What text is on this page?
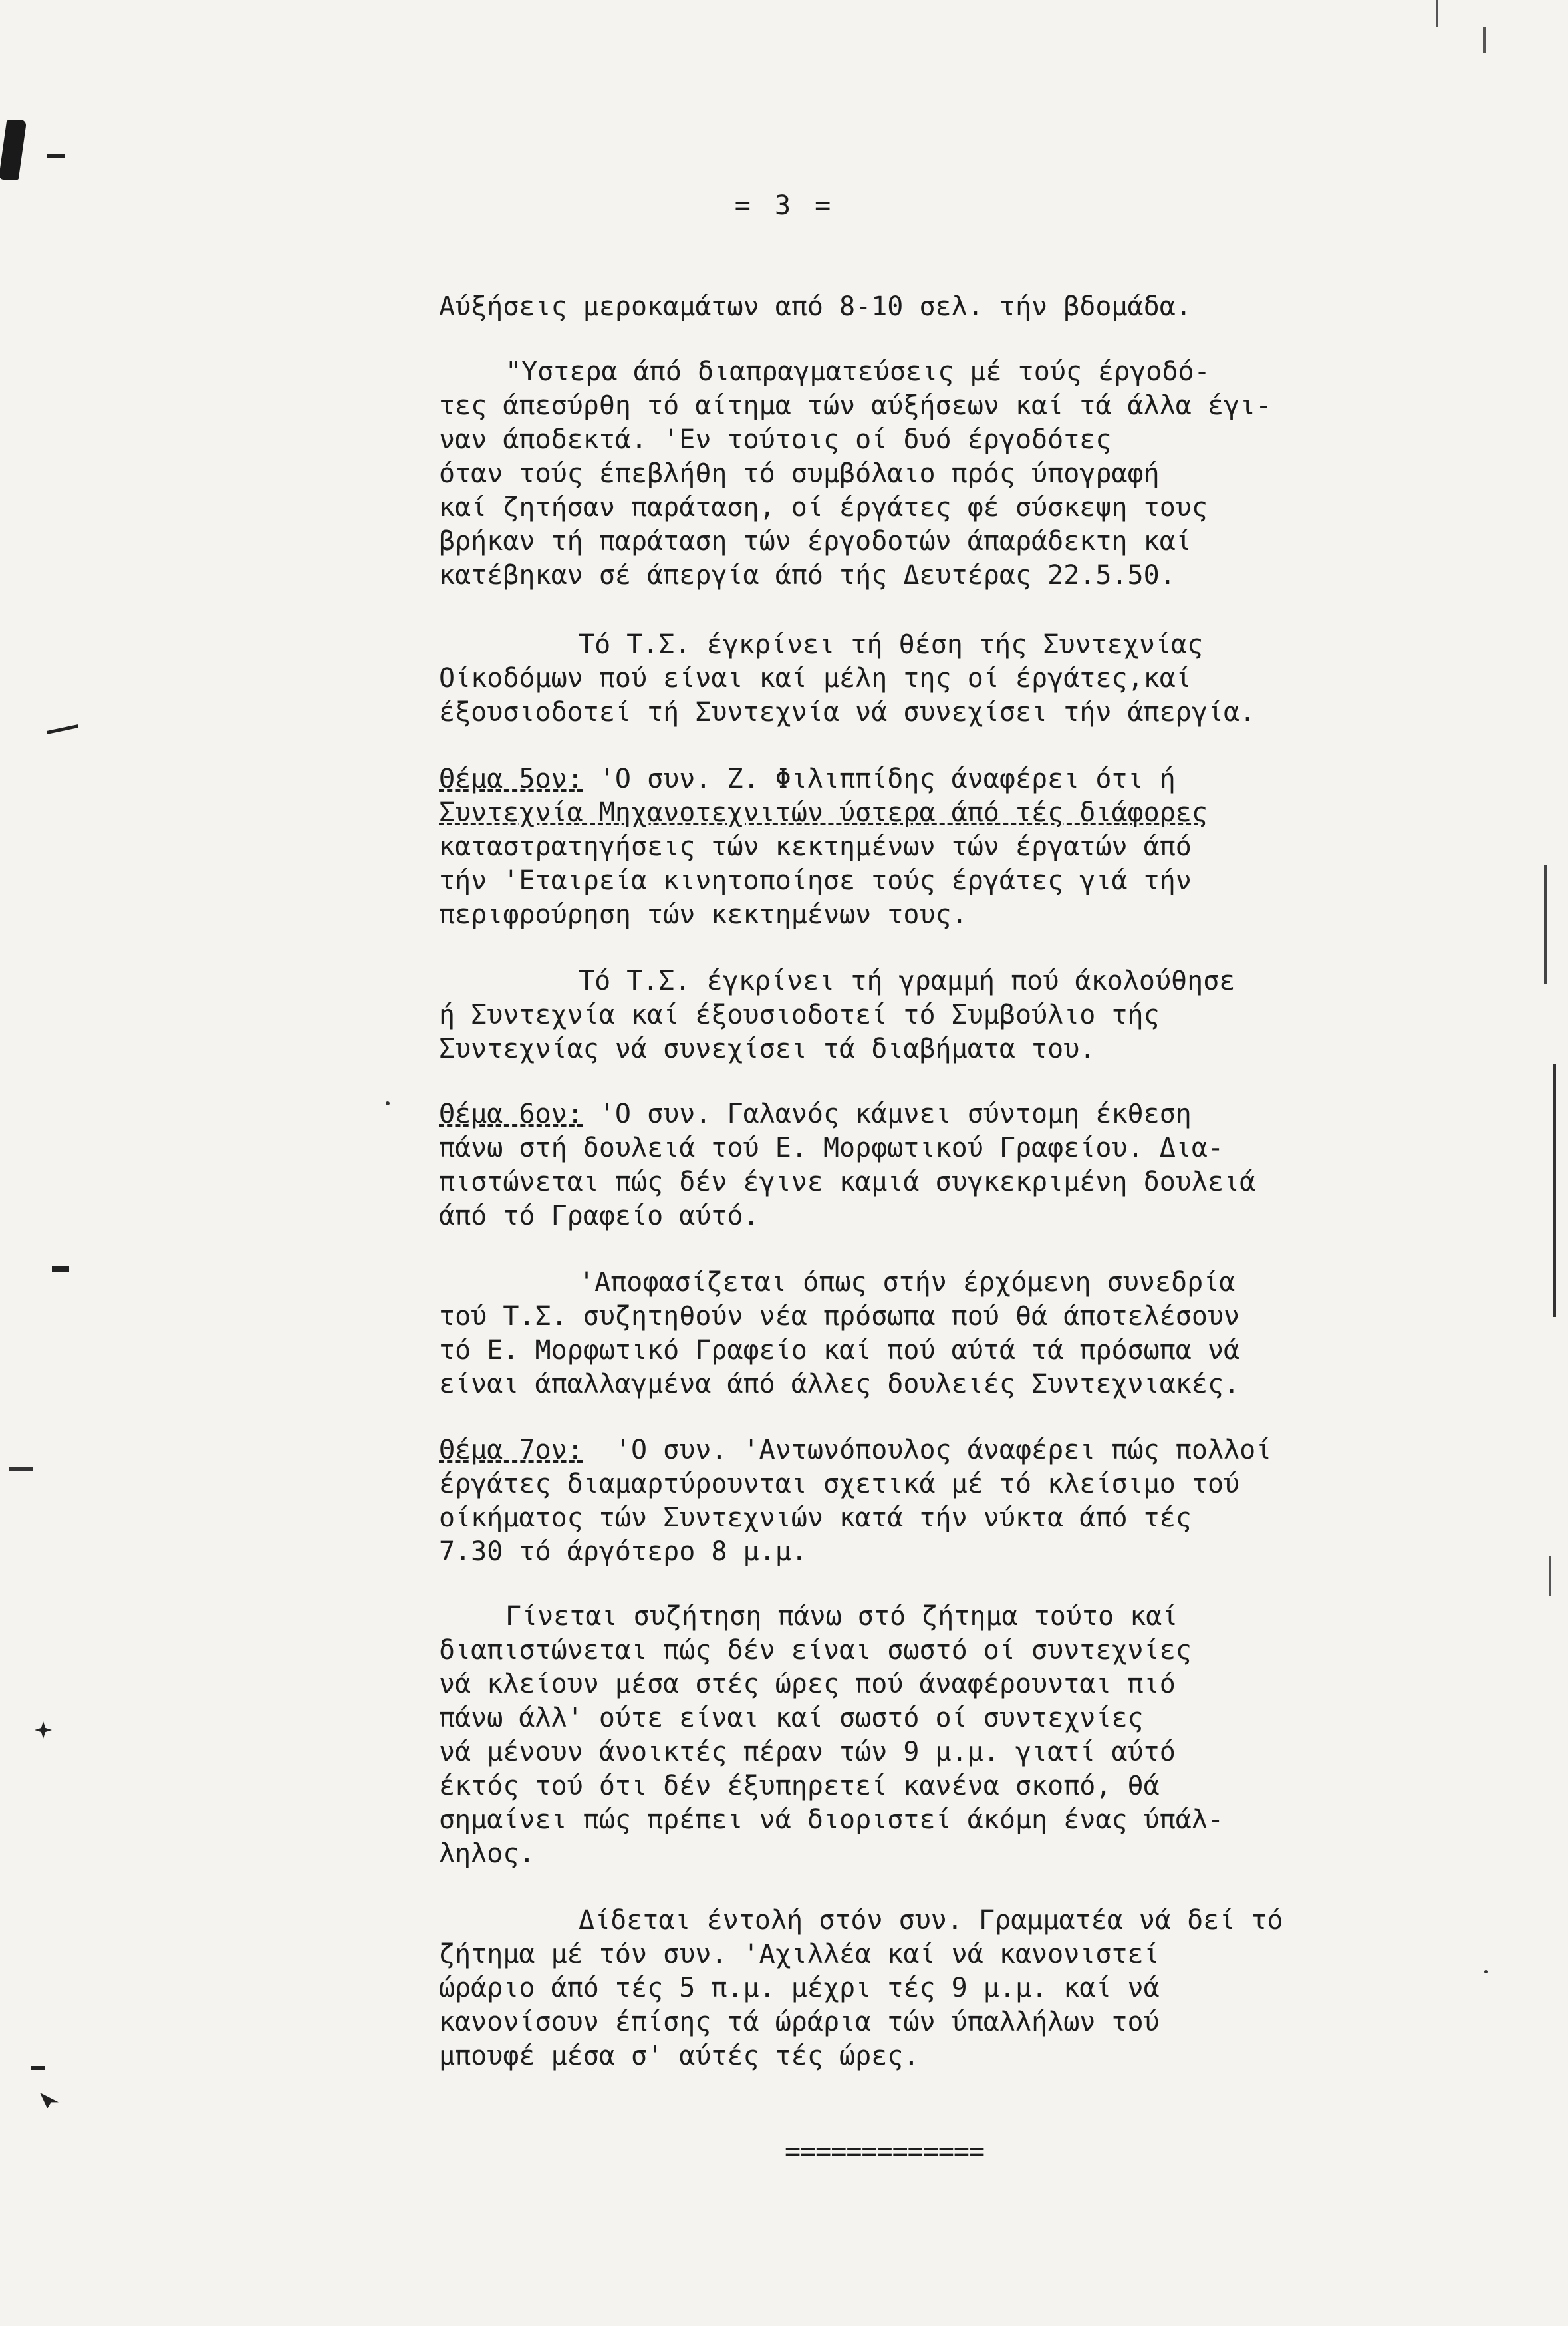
= 3 =
Αύξήσεις μεροκαμάτων από 8-10 σελ. τήν βδομάδα.
"Υστερα άπό διαπραγματεύσεις μέ τούς έργοδό-
τες άπεσύρθη τό αίτημα τών αύξήσεων καί τά άλλα έγι-
ναν άποδεκτά. 'Εν τούτοις οί δυό έργοδότες
όταν τούς έπεβλήθη τό συμβόλαιο πρός ύπογραφή
καί ζητήσαν παράταση, οί έργάτες φέ σύσκεψη τους
βρήκαν τή παράταση τών έργοδοτών άπαράδεκτη καί
κατέβηκαν σέ άπεργία άπό τής Δευτέρας 22.5.50.
Τό Τ.Σ. έγκρίνει τή θέση τής Συντεχνίας
Οίκοδόμων πού είναι καί μέλη της οί έργάτες,καί
έξουσιοδοτεί τή Συντεχνία νά συνεχίσει τήν άπεργία.
Θέμα 5ον: 'Ο συν. Ζ. Φιλιππίδης άναφέρει ότι ή
Συντεχνία Μηχανοτεχνιτών ύστερα άπό τές διάφορες
καταστρατηγήσεις τών κεκτημένων τών έργατών άπό
τήν 'Εταιρεία κινητοποίησε τούς έργάτες γιά τήν
περιφρούρηση τών κεκτημένων τους.
Τό Τ.Σ. έγκρίνει τή γραμμή πού άκολούθησε
ή Συντεχνία καί έξουσιοδοτεί τό Συμβούλιο τής
Συντεχνίας νά συνεχίσει τά διαβήματα του.
Θέμα 6ον: 'Ο συν. Γαλανός κάμνει σύντομη έκθεση
πάνω στή δουλειά τού Ε. Μορφωτικού Γραφείου. Δια-
πιστώνεται πώς δέν έγινε καμιά συγκεκριμένη δουλειά
άπό τό Γραφείο αύτό.
'Αποφασίζεται όπως στήν έρχόμενη συνεδρία
τού Τ.Σ. συζητηθούν νέα πρόσωπα πού θά άποτελέσουν
τό Ε. Μορφωτικό Γραφείο καί πού αύτά τά πρόσωπα νά
είναι άπαλλαγμένα άπό άλλες δουλειές Συντεχνιακές.
Θέμα 7ον:  'Ο συν. 'Αντωνόπουλος άναφέρει πώς πολλοί
έργάτες διαμαρτύρουνται σχετικά μέ τό κλείσιμο τού
οίκήματος τών Συντεχνιών κατά τήν νύκτα άπό τές
7.30 τό άργότερο 8 μ.μ.
Γίνεται συζήτηση πάνω στό ζήτημα τούτο καί
διαπιστώνεται πώς δέν είναι σωστό οί συντεχνίες
νά κλείουν μέσα στές ώρες πού άναφέρουνται πιό
πάνω άλλ' ούτε είναι καί σωστό οί συντεχνίες
νά μένουν άνοικτές πέραν τών 9 μ.μ. γιατί αύτό
έκτός τού ότι δέν έξυπηρετεί κανένα σκοπό, θά
σημαίνει πώς πρέπει νά διοριστεί άκόμη ένας ύπάλ-
ληλος.
Δίδεται έντολή στόν συν. Γραμματέα νά δεί τό
ζήτημα μέ τόν συν. 'Αχιλλέα καί νά κανονιστεί
ώράριο άπό τές 5 π.μ. μέχρι τές 9 μ.μ. καί νά
κανονίσουν έπίσης τά ώράρια τών ύπαλλήλων τού
μπουφέ μέσα σ' αύτές τές ώρες.
=============
